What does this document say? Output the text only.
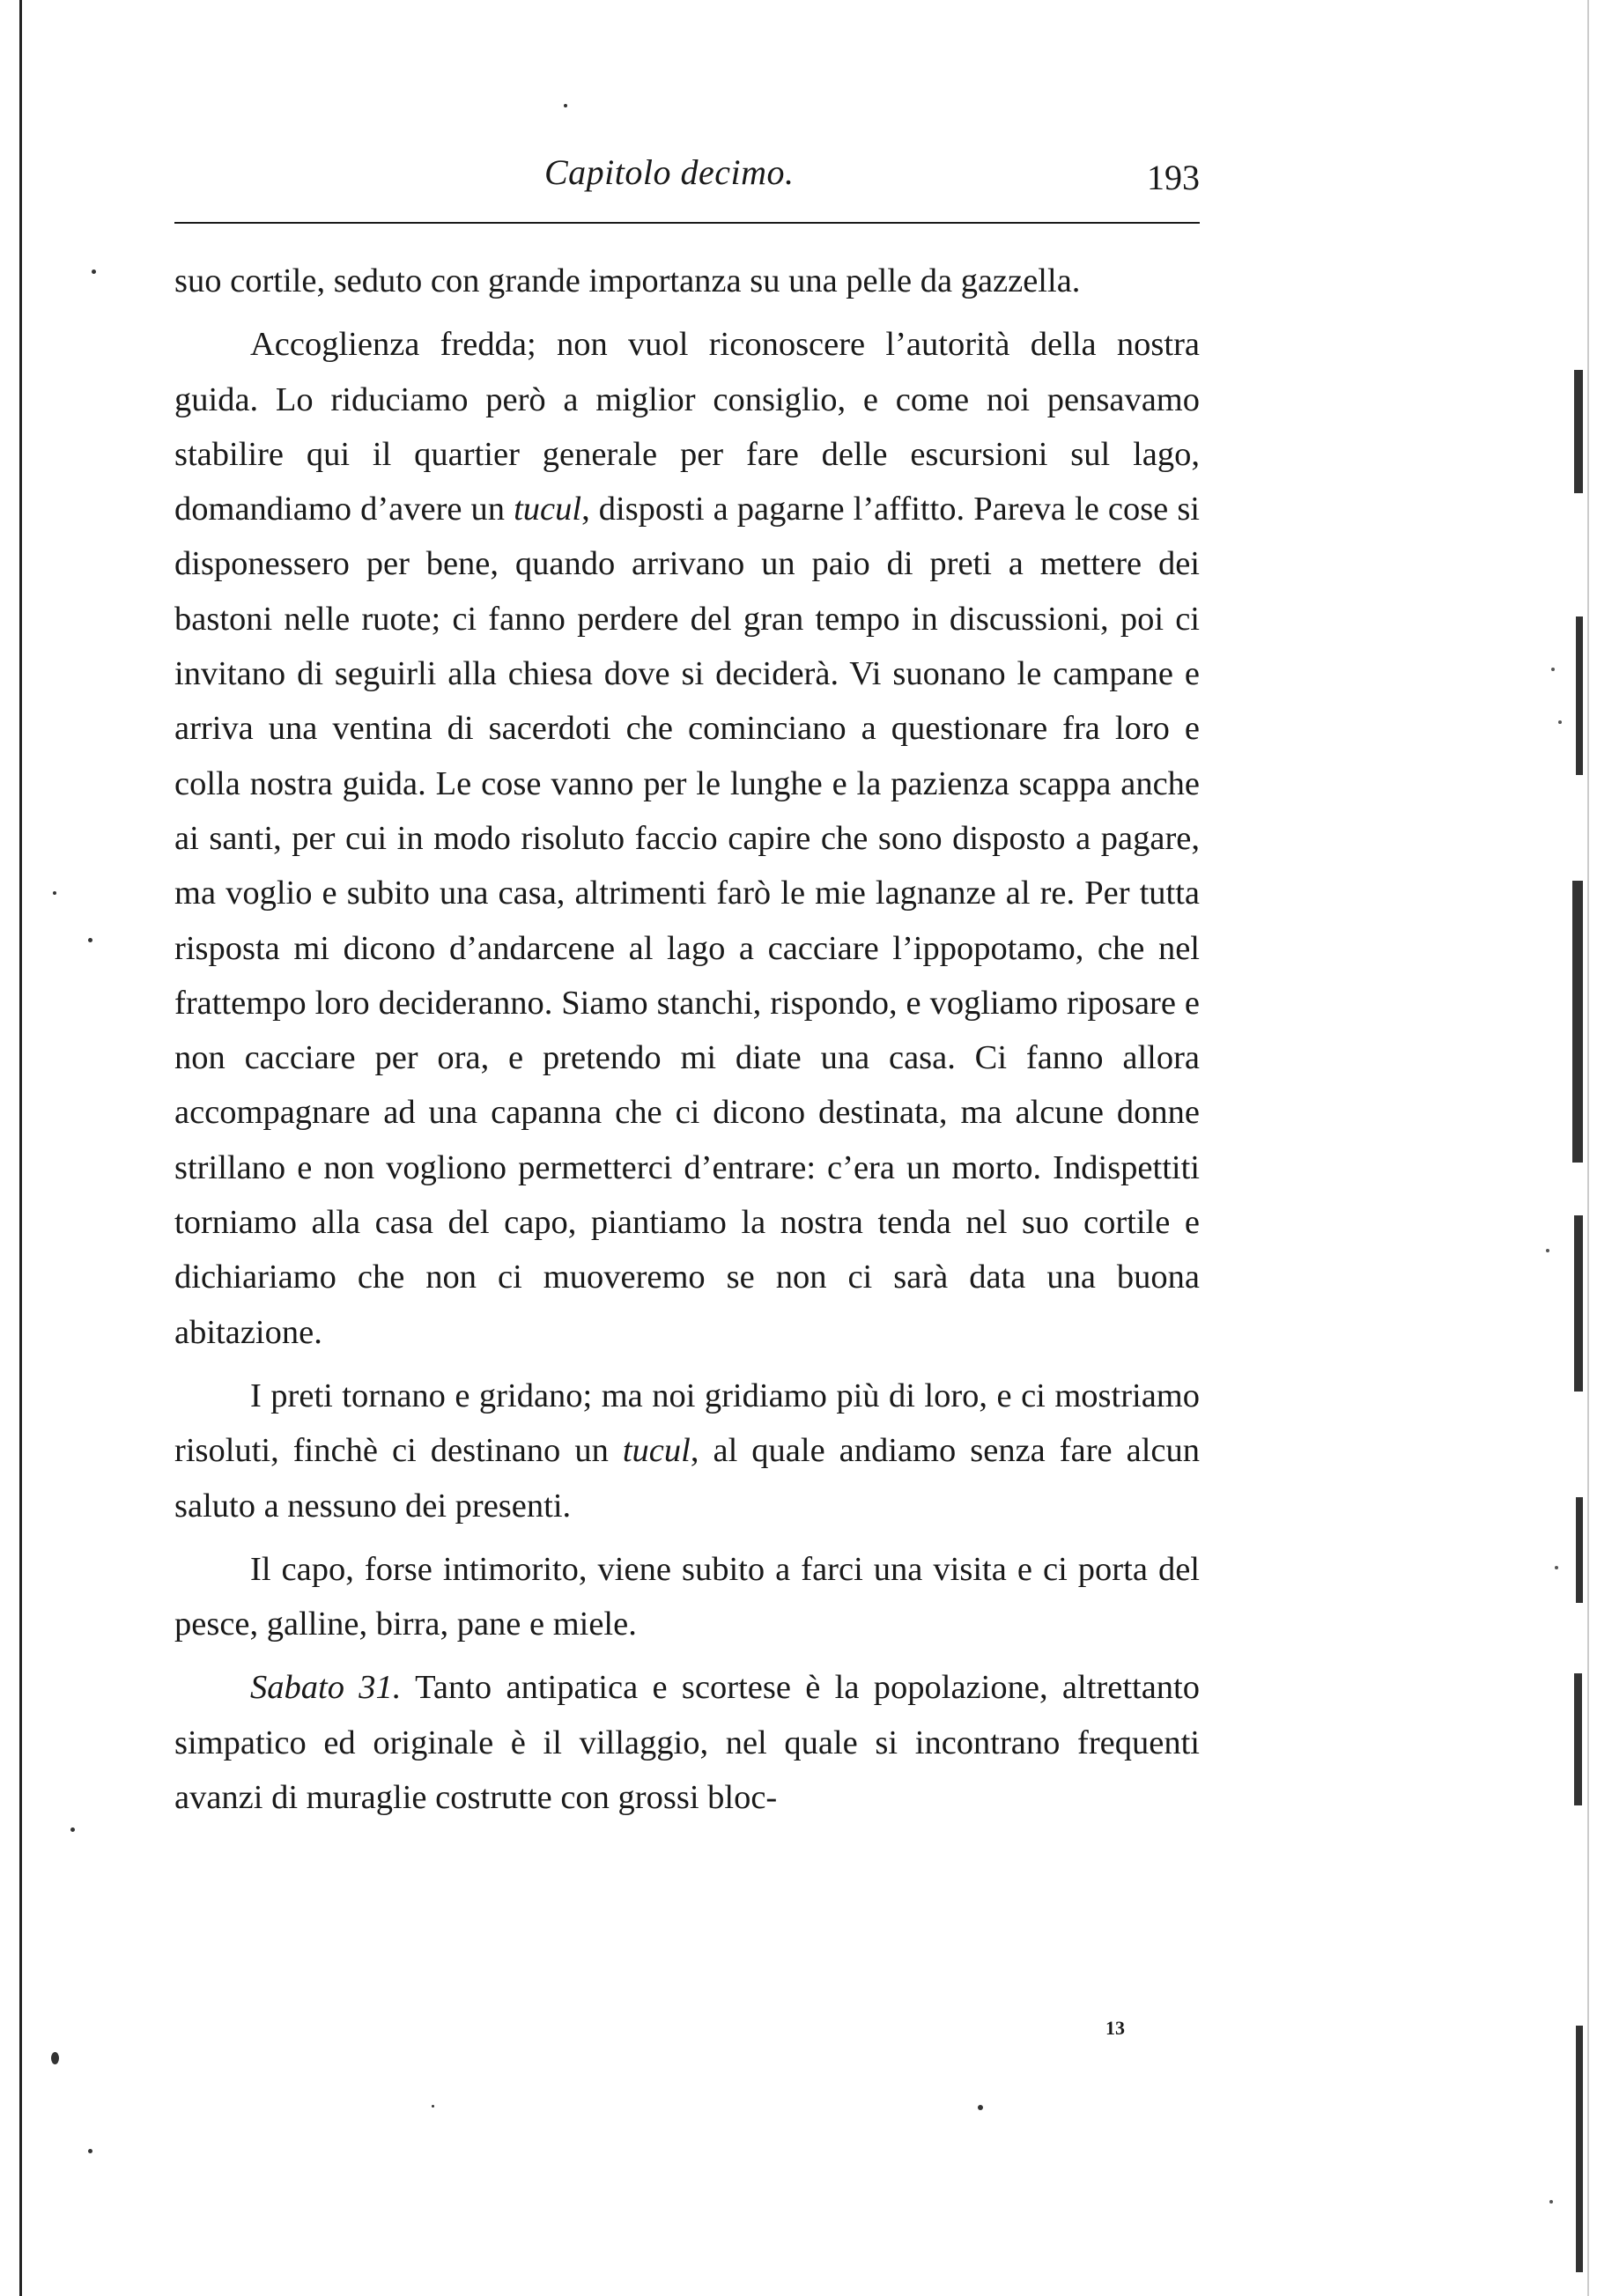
Capitolo decimo.	193

suo cortile, seduto con grande importanza su una pelle da gazzella.

Accoglienza fredda; non vuol riconoscere l’autorità della nostra guida. Lo riduciamo però a miglior consiglio, e come noi pensavamo stabilire qui il quartier generale per fare delle escursioni sul lago, domandiamo d’avere un tucul, disposti a pagarne l’affitto. Pareva le cose si disponessero per bene, quando arrivano un paio di preti a mettere dei bastoni nelle ruote; ci fanno perdere del gran tempo in discussioni, poi ci invitano di seguirli alla chiesa dove si deciderà. Vi suonano le campane e arriva una ventina di sacerdoti che cominciano a questionare fra loro e colla nostra guida. Le cose vanno per le lunghe e la pazienza scappa anche ai santi, per cui in modo risoluto faccio capire che sono disposto a pagare, ma voglio e subito una casa, altrimenti farò le mie lagnanze al re. Per tutta risposta mi dicono d’andarcene al lago a cacciare l’ippopotamo, che nel frattempo loro decideranno. Siamo stanchi, rispondo, e vogliamo riposare e non cacciare per ora, e pretendo mi diate una casa. Ci fanno allora accompagnare ad una capanna che ci dicono destinata, ma alcune donne strillano e non vogliono permetterci d’entrare: c’era un morto. Indispettiti torniamo alla casa del capo, piantiamo la nostra tenda nel suo cortile e dichiariamo che non ci muoveremo se non ci sarà data una buona abitazione.

I preti tornano e gridano; ma noi gridiamo più di loro, e ci mostriamo risoluti, finchè ci destinano un tucul, al quale andiamo senza fare alcun saluto a nessuno dei presenti.

Il capo, forse intimorito, viene subito a farci una visita e ci porta del pesce, galline, birra, pane e miele.

Sabato 31. Tanto antipatica e scortese è la popolazione, altrettanto simpatico ed originale è il villaggio, nel quale si incontrano frequenti avanzi di muraglie costrutte con grossi bloc-

13
